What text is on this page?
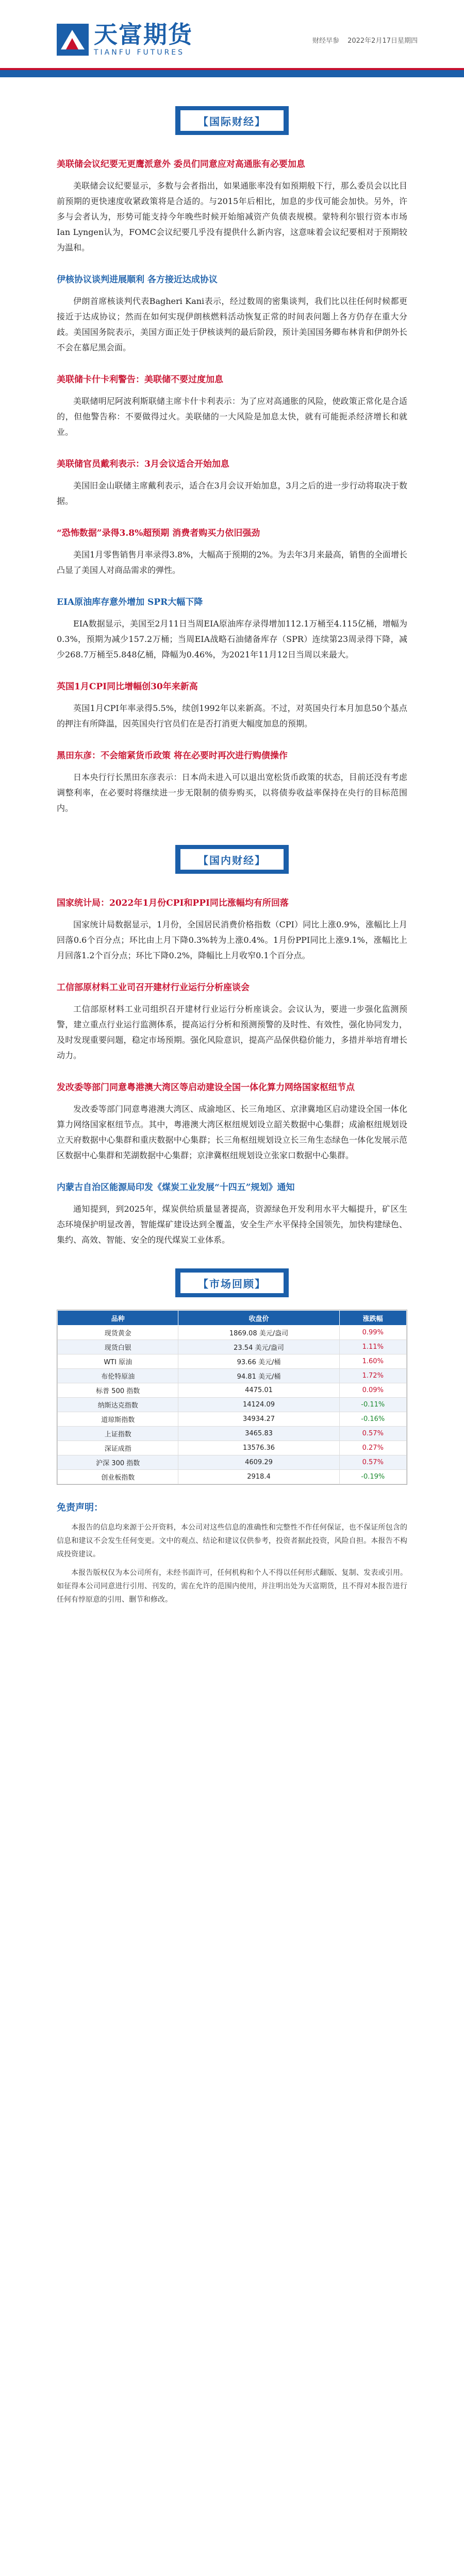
天富期货
TIANFU FUTURES
财经早参 2022年2月17日星期四
【国际财经】
美联储会议纪要无更鹰派意外 委员们同意应对高通胀有必要加息
美联储会议纪要显示，多数与会者指出，如果通胀率没有如预期般下行，那么委员会以比目前预期的更快速度收紧政策将是合适的。与2015年后相比，加息的步伐可能会加快。另外，许多与会者认为，形势可能支持今年晚些时候开始缩减资产负债表规模。蒙特利尔银行资本市场Ian Lyngen认为，FOMC会议纪要几乎没有提供什么新内容，这意味着会议纪要相对于预期较为温和。
伊核协议谈判进展顺利 各方接近达成协议
伊朗首席核谈判代表Bagheri Kani表示，经过数周的密集谈判，我们比以往任何时候都更接近于达成协议；然而在如何实现伊朗核燃料活动恢复正常的时间表问题上各方仍存在重大分歧。美国国务院表示，美国方面正处于伊核谈判的最后阶段，预计美国国务卿布林肯和伊朗外长不会在慕尼黑会面。
美联储卡什卡利警告：美联储不要过度加息
美联储明尼阿波利斯联储主席卡什卡利表示：为了应对高通胀的风险，使政策正常化是合适的，但他警告称：不要做得过火。美联储的一大风险是加息太快，就有可能扼杀经济增长和就业。
美联储官员戴利表示：3月会议适合开始加息
美国旧金山联储主席戴利表示，适合在3月会议开始加息，3月之后的进一步行动将取决于数据。
“恐怖数据”录得3.8%超预期 消费者购买力依旧强劲
美国1月零售销售月率录得3.8%，大幅高于预期的2%。为去年3月来最高，销售的全面增长凸显了美国人对商品需求的弹性。
EIA原油库存意外增加 SPR大幅下降
EIA数据显示，美国至2月11日当周EIA原油库存录得增加112.1万桶至4.115亿桶，增幅为0.3%，预期为减少157.2万桶；当周EIA战略石油储备库存（SPR）连续第23周录得下降，减少268.7万桶至5.848亿桶，降幅为0.46%，为2021年11月12日当周以来最大。
英国1月CPI同比增幅创30年来新高
英国1月CPI年率录得5.5%，续创1992年以来新高。不过，对英国央行本月加息50个基点的押注有所降温，因英国央行官员们在是否打消更大幅度加息的预期。
黑田东彦：不会缩紧货币政策 将在必要时再次进行购债操作
日本央行行长黑田东彦表示：日本尚未进入可以退出宽松货币政策的状态，目前还没有考虑调整利率，在必要时将继续进一步无限制的债券购买，以将债券收益率保持在央行的目标范围内。
【国内财经】
国家统计局：2022年1月份CPI和PPI同比涨幅均有所回落
国家统计局数据显示，1月份，全国居民消费价格指数（CPI）同比上涨0.9%，涨幅比上月回落0.6个百分点；环比由上月下降0.3%转为上涨0.4%。1月份PPI同比上涨9.1%，涨幅比上月回落1.2个百分点；环比下降0.2%，降幅比上月收窄0.1个百分点。
工信部原材料工业司召开建材行业运行分析座谈会
工信部原材料工业司组织召开建材行业运行分析座谈会。会议认为，要进一步强化监测预警，建立重点行业运行监测体系，提高运行分析和预测预警的及时性、有效性，强化协同发力，及时发现重要问题，稳定市场预期。强化风险意识，提高产品保供稳价能力，多措并举培育增长动力。
发改委等部门同意粤港澳大湾区等启动建设全国一体化算力网络国家枢纽节点
发改委等部门同意粤港澳大湾区、成渝地区、长三角地区、京津冀地区启动建设全国一体化算力网络国家枢纽节点。其中，粤港澳大湾区枢纽规划设立韶关数据中心集群；成渝枢纽规划设立天府数据中心集群和重庆数据中心集群；长三角枢纽规划设立长三角生态绿色一体化发展示范区数据中心集群和芜湖数据中心集群；京津冀枢纽规划设立张家口数据中心集群。
内蒙古自治区能源局印发《煤炭工业发展“十四五”规划》通知
通知提到，到2025年，煤炭供给质量显著提高，资源绿色开发利用水平大幅提升，矿区生态环境保护明显改善，智能煤矿建设达到全覆盖，安全生产水平保持全国领先，加快构建绿色、集约、高效、智能、安全的现代煤炭工业体系。
【市场回顾】
品种	收盘价	涨跌幅
现货黄金	1869.08 美元/盎司	0.99%
现货白银	23.54 美元/盎司	1.11%
WTI 原油	93.66 美元/桶	1.60%
布伦特原油	94.81 美元/桶	1.72%
标普 500 指数	4475.01	0.09%
纳斯达克指数	14124.09	-0.11%
道琼斯指数	34934.27	-0.16%
上证指数	3465.83	0.57%
深证成指	13576.36	0.27%
沪深 300 指数	4609.29	0.57%
创业板指数	2918.4	-0.19%
免责声明：
本报告的信息均来源于公开资料，本公司对这些信息的准确性和完整性不作任何保证，也不保证所包含的信息和建议不会发生任何变更。文中的观点、结论和建议仅供参考，投资者据此投资，风险自担。本报告不构成投资建议。
本报告版权仅为本公司所有，未经书面许可，任何机构和个人不得以任何形式翻版、复制、发表或引用。如征得本公司同意进行引用、刊发的，需在允许的范围内使用，并注明出处为天富期货，且不得对本报告进行任何有悖原意的引用、删节和修改。
